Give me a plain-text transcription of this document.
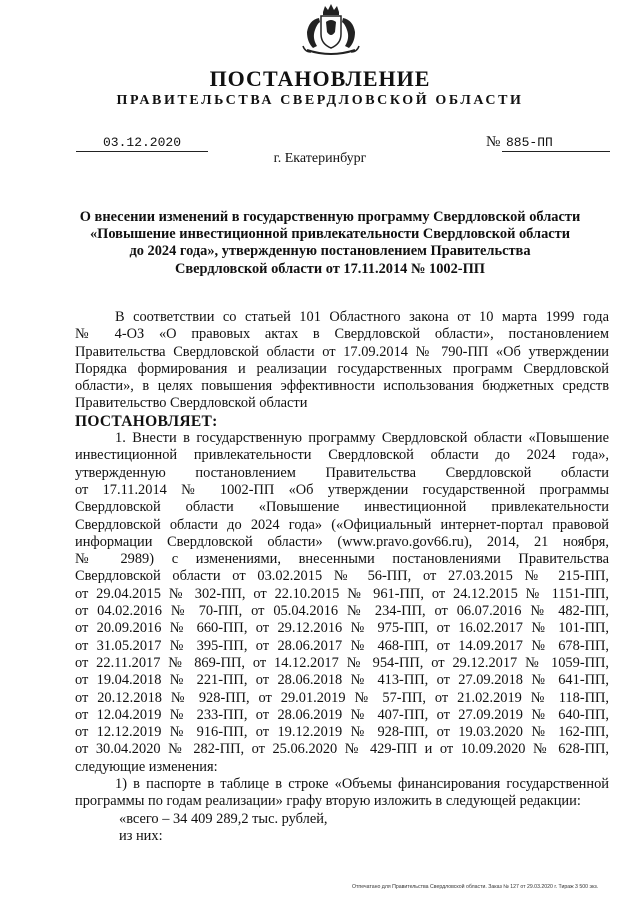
ПОСТАНОВЛЕНИЕ
ПРАВИТЕЛЬСТВА СВЕРДЛОВСКОЙ ОБЛАСТИ
03.12.2020	№ 885-ПП
г. Екатеринбург
О внесении изменений в государственную программу Свердловской области
«Повышение инвестиционной привлекательности Свердловской области
до 2024 года», утвержденную постановлением Правительства
Свердловской области от 17.11.2014 № 1002-ПП
В соответствии со статьей 101 Областного закона от 10 марта 1999 года
№ 4-ОЗ «О правовых актах в Свердловской области», постановлением
Правительства Свердловской области от 17.09.2014 № 790-ПП «Об утверждении
Порядка формирования и реализации государственных программ Свердловской
области», в целях повышения эффективности использования бюджетных средств
Правительство Свердловской области
ПОСТАНОВЛЯЕТ:
1. Внести в государственную программу Свердловской области «Повышение
инвестиционной привлекательности Свердловской области до 2024 года»,
утвержденную постановлением Правительства Свердловской области
от 17.11.2014 № 1002-ПП «Об утверждении государственной программы
Свердловской области «Повышение инвестиционной привлекательности
Свердловской области до 2024 года» («Официальный интернет-портал правовой
информации Свердловской области» (www.pravo.gov66.ru), 2014, 21 ноября,
№ 2989) с изменениями, внесенными постановлениями Правительства
Свердловской области от 03.02.2015 № 56-ПП, от 27.03.2015 № 215-ПП,
от 29.04.2015 № 302-ПП, от 22.10.2015 № 961-ПП, от 24.12.2015 № 1151-ПП,
от 04.02.2016 № 70-ПП, от 05.04.2016 № 234-ПП, от 06.07.2016 № 482-ПП,
от 20.09.2016 № 660-ПП, от 29.12.2016 № 975-ПП, от 16.02.2017 № 101-ПП,
от 31.05.2017 № 395-ПП, от 28.06.2017 № 468-ПП, от 14.09.2017 № 678-ПП,
от 22.11.2017 № 869-ПП, от 14.12.2017 № 954-ПП, от 29.12.2017 № 1059-ПП,
от 19.04.2018 № 221-ПП, от 28.06.2018 № 413-ПП, от 27.09.2018 № 641-ПП,
от 20.12.2018 № 928-ПП, от 29.01.2019 № 57-ПП, от 21.02.2019 № 118-ПП,
от 12.04.2019 № 233-ПП, от 28.06.2019 № 407-ПП, от 27.09.2019 № 640-ПП,
от 12.12.2019 № 916-ПП, от 19.12.2019 № 928-ПП, от 19.03.2020 № 162-ПП,
от 30.04.2020 № 282-ПП, от 25.06.2020 № 429-ПП и от 10.09.2020 № 628-ПП,
следующие изменения:
1) в паспорте в таблице в строке «Объемы финансирования государственной
программы по годам реализации» графу вторую изложить в следующей редакции:
«всего – 34 409 289,2 тыс. рублей,
из них:
Отпечатано для Правительства Свердловской области. Заказ № 127 от 29.03.2020 г. Тираж 3 500 экз.
